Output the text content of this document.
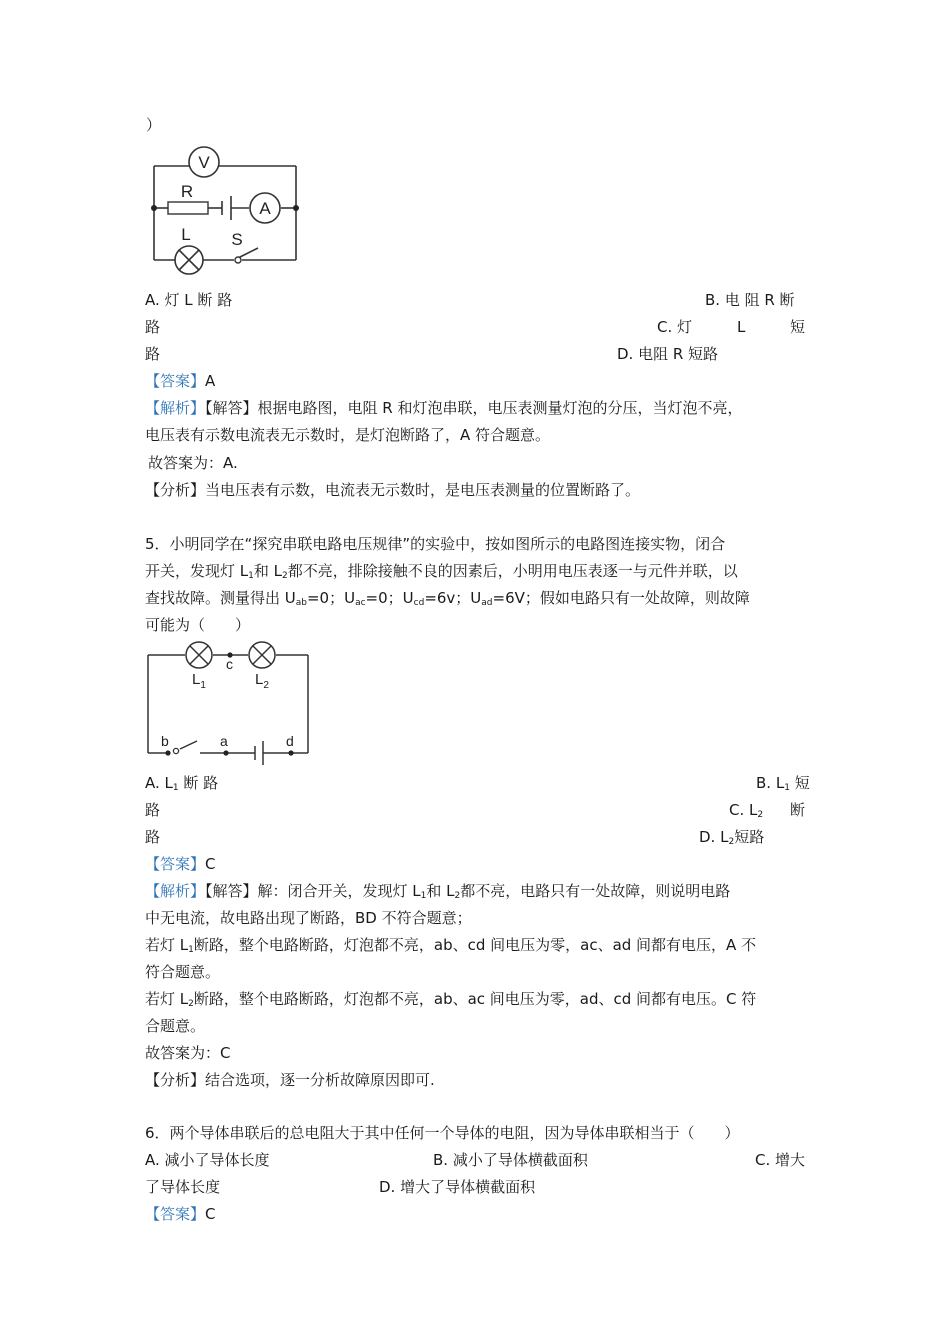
）
V
A
R
L S
A. 灯 L 断 路	B. 电 阻 R 断
路	C. 灯	L	短
路	D. 电阻 R 短路
【答案】A
【解析】【解答】根据电路图，电阻 R 和灯泡串联，电压表测量灯泡的分压，当灯泡不亮，
电压表有示数电流表无示数时，是灯泡断路了，A 符合题意。
故答案为：A.
【分析】当电压表有示数，电流表无示数时，是电压表测量的位置断路了。
5．小明同学在“探究串联电路电压规律”的实验中，按如图所示的电路图连接实物，闭合
开关，发现灯 $L_1$和 $L_2$都不亮，排除接触不良的因素后，小明用电压表逐一与元件并联，以
查找故障。测量得出 $U_{ab}=0$；$U_{ac}=0$；$U_{cd}=6v$；$U_{ad}=6V$；假如电路只有一处故障，则故障
可能为（　　）
$L_1$	$L_2$
c
b	a	d
A. $L_1$ 断 路	B. $L_1$ 短
路	C. $L_2$ 断
路	D. $L_2$短路
【答案】C
【解析】【解答】解：闭合开关，发现灯 $L_1$和 $L_2$都不亮，电路只有一处故障，则说明电路
中无电流，故电路出现了断路，BD 不符合题意；
若灯 $L_1$断路，整个电路断路，灯泡都不亮，ab、cd 间电压为零，ac、ad 间都有电压，A 不
符合题意。
若灯 $L_2$断路，整个电路断路，灯泡都不亮，ab、ac 间电压为零，ad、cd 间都有电压。C 符
合题意。
故答案为：C
【分析】结合选项，逐一分析故障原因即可.
6．两个导体串联后的总电阻大于其中任何一个导体的电阻，因为导体串联相当于（　　）
A. 减小了导体长度	B. 减小了导体横截面积	C. 增大
了导体长度	D. 增大了导体横截面积
【答案】C
